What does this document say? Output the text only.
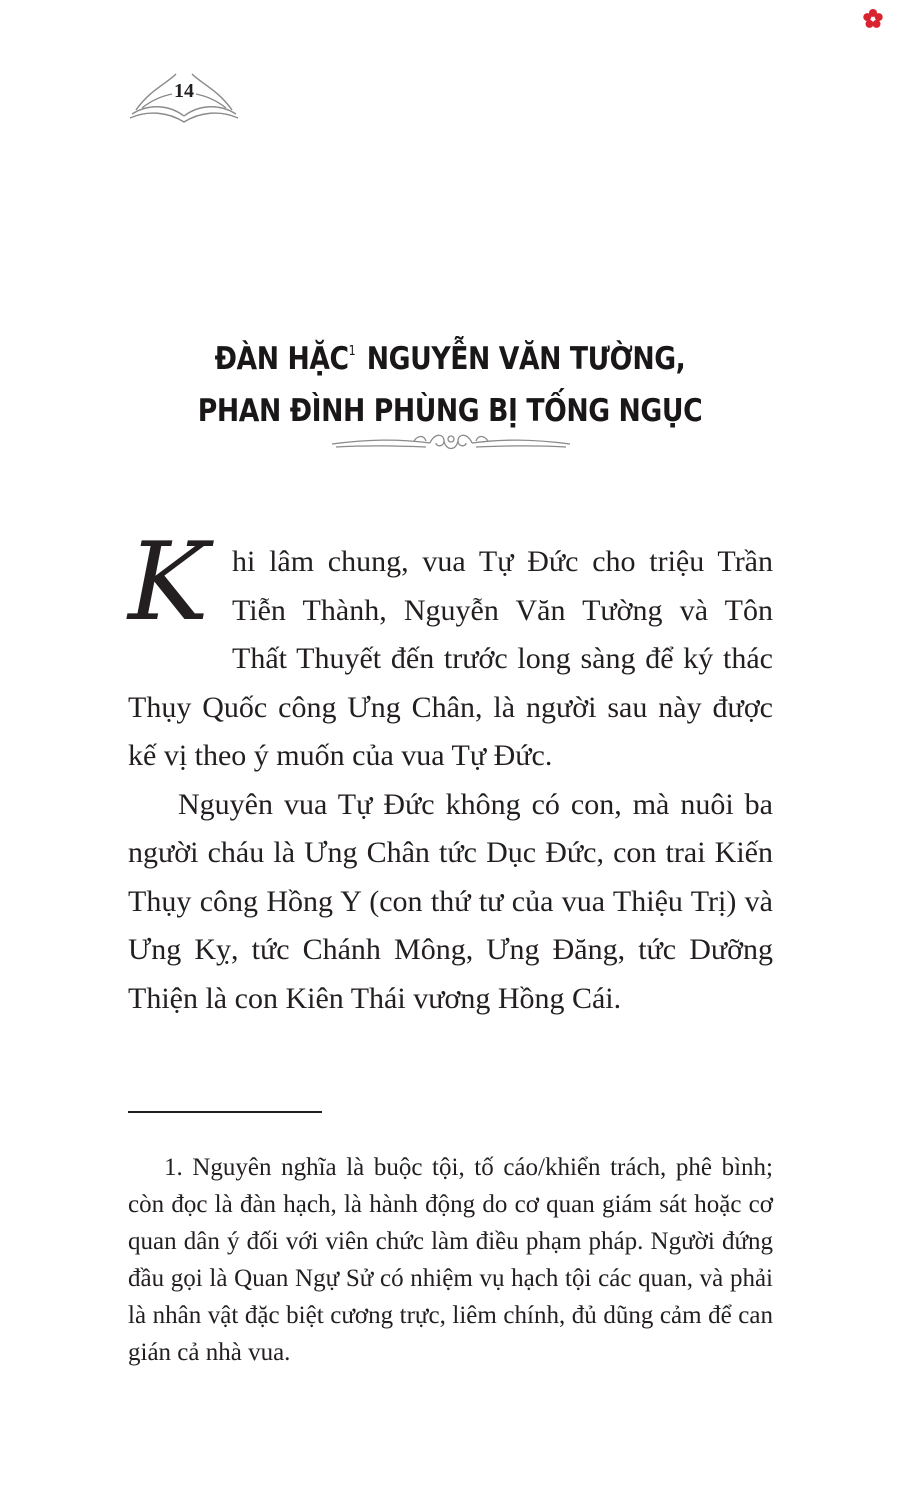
14
ĐÀN HẶC$^1$ NGUYỄN VĂN TƯỜNG,
PHAN ĐÌNH PHÙNG BỊ TỐNG NGỤC

Khi lâm chung, vua Tự Đức cho triệu Trần Tiễn Thành, Nguyễn Văn Tường và Tôn Thất Thuyết đến trước long sàng để ký thác Thụy Quốc công Ưng Chân, là người sau này được kế vị theo ý muốn của vua Tự Đức.

Nguyên vua Tự Đức không có con, mà nuôi ba người cháu là Ưng Chân tức Dục Đức, con trai Kiến Thụy công Hồng Y (con thứ tư của vua Thiệu Trị) và Ưng Kỵ, tức Chánh Mông, Ưng Đăng, tức Dưỡng Thiện là con Kiên Thái vương Hồng Cái.

1. Nguyên nghĩa là buộc tội, tố cáo/khiển trách, phê bình; còn đọc là đàn hạch, là hành động do cơ quan giám sát hoặc cơ quan dân ý đối với viên chức làm điều phạm pháp. Người đứng đầu gọi là Quan Ngự Sử có nhiệm vụ hạch tội các quan, và phải là nhân vật đặc biệt cương trực, liêm chính, đủ dũng cảm để can gián cả nhà vua.
